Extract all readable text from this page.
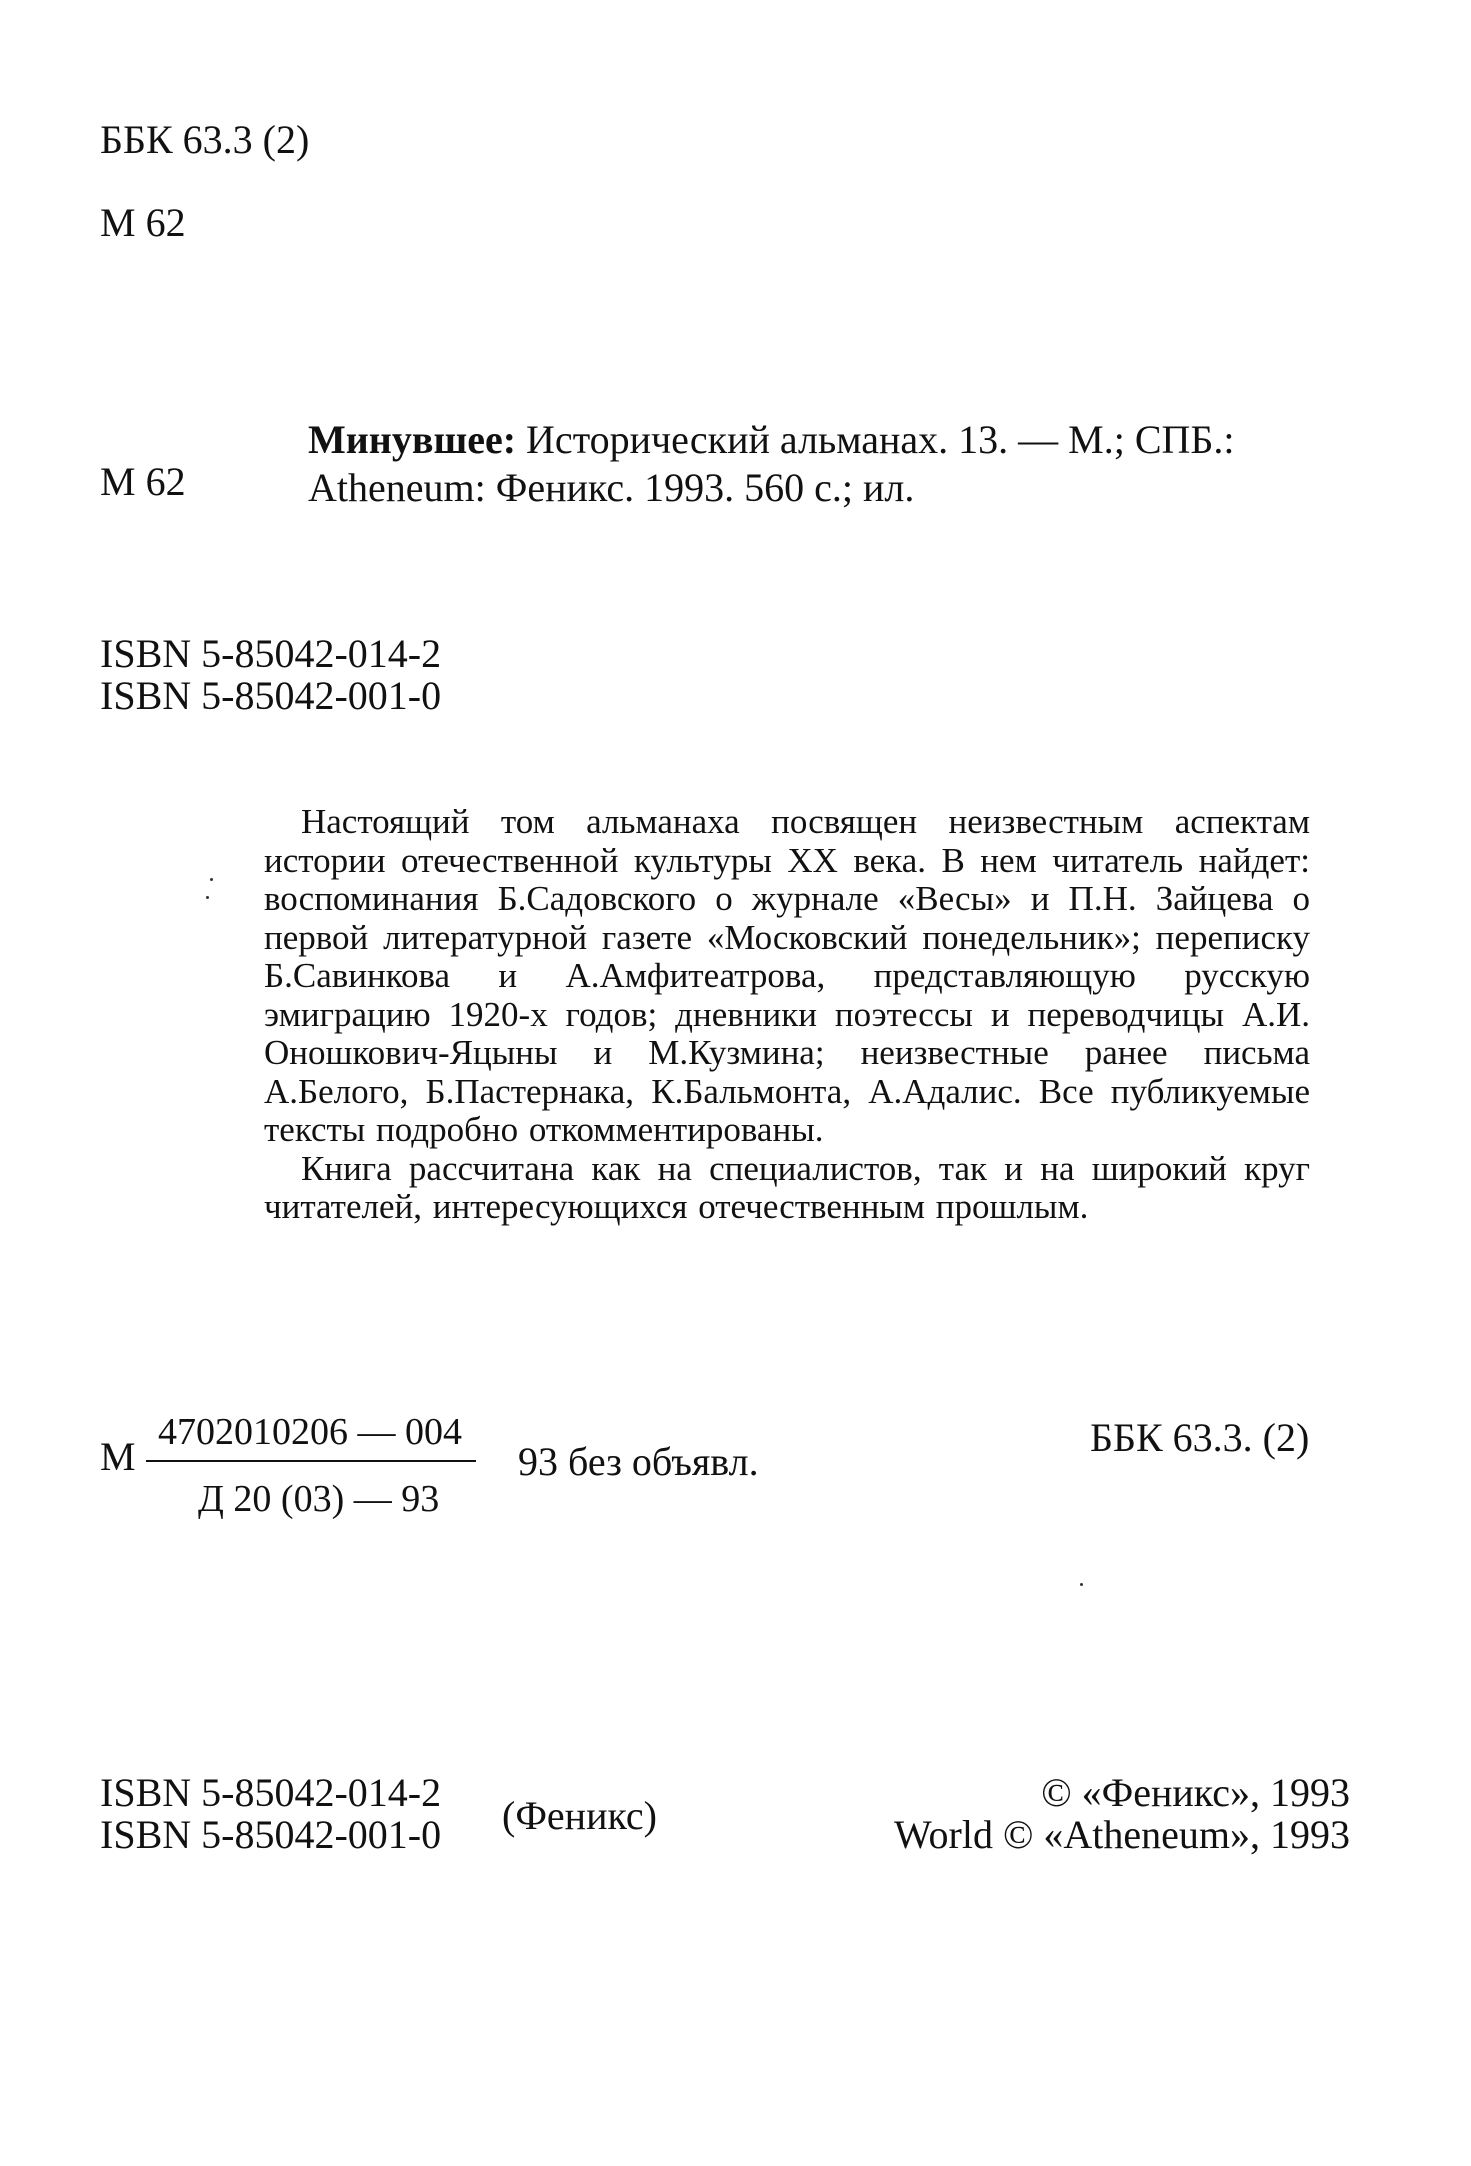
ББК 63.3 (2)
М 62
М 62
Минувшее: Исторический альманах. 13. — М.; СПБ.:
Atheneum: Феникс. 1993. 560 с.; ил.
ISBN 5-85042-014-2
ISBN 5-85042-001-0
Настоящий том альманаха посвящен неизвестным аспектам истории отечественной культуры XX века. В нем читатель найдет: воспоминания Б.Садовского о журнале «Весы» и П.Н. Зайцева о первой литературной газете «Московский понедельник»; переписку Б.Савинкова и А.Амфитеатрова, представляющую русскую эмиграцию 1920-х годов; дневники поэтессы и переводчицы А.И. Оношкович-Яцыны и М.Кузмина; неизвестные ранее письма А.Белого, Б.Пастернака, К.Бальмонта, А.Адалис. Все публикуемые тексты подробно откомментированы.
Книга рассчитана как на специалистов, так и на широкий круг читателей, интересующихся отечественным прошлым.
М
4702010206 — 004
Д 20 (03) — 93
93 без объявл.
ББК 63.3. (2)
ISBN 5-85042-014-2
ISBN 5-85042-001-0 (Феникс)
© «Феникс», 1993
World © «Atheneum», 1993
